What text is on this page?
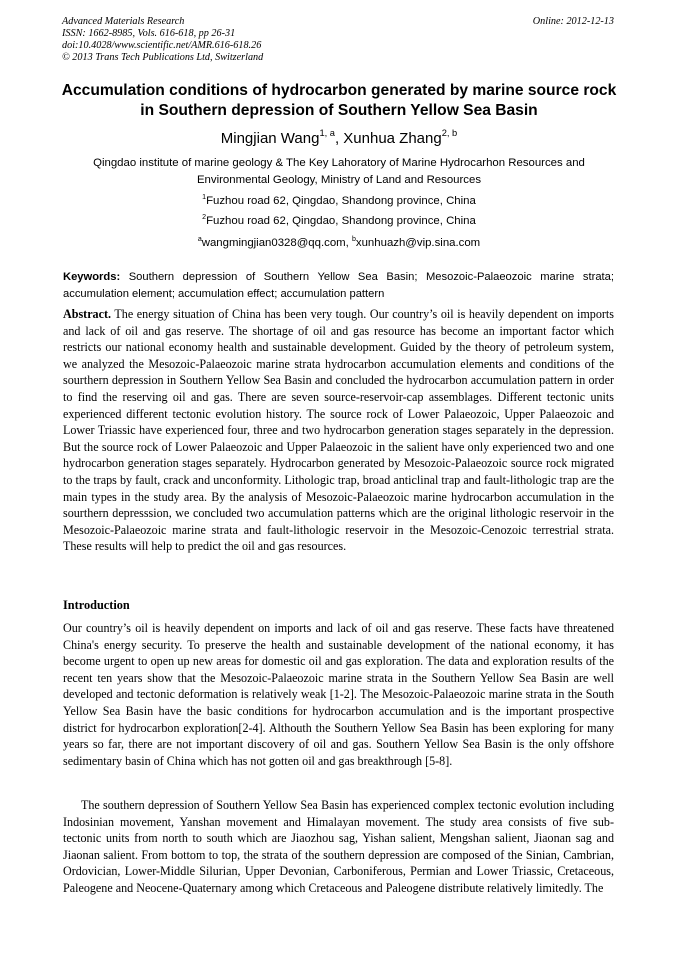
Advanced Materials Research
ISSN: 1662-8985, Vols. 616-618, pp 26-31
doi:10.4028/www.scientific.net/AMR.616-618.26
© 2013 Trans Tech Publications Ltd, Switzerland
Online: 2012-12-13
Accumulation conditions of hydrocarbon generated by marine source rock in Southern depression of Southern Yellow Sea Basin
Mingjian Wang$^{1, a}$, Xunhua Zhang$^{2, b}$
Qingdao institute of marine geology & The Key Lahoratory of Marine Hydrocarhon Resources and Environmental Geology, Ministry of Land and Resources
$^1$Fuzhou road 62, Qingdao, Shandong province, China
$^2$Fuzhou road 62, Qingdao, Shandong province, China
$^a$wangmingjian0328@qq.com, $^b$xunhuazh@vip.sina.com
Keywords: Southern depression of Southern Yellow Sea Basin; Mesozoic-Palaeozoic marine strata; accumulation element; accumulation effect; accumulation pattern
Abstract. The energy situation of China has been very tough. Our country’s oil is heavily dependent on imports and lack of oil and gas reserve. The shortage of oil and gas resource has become an important factor which restricts our national economy health and sustainable development. Guided by the theory of petroleum system, we analyzed the Mesozoic-Palaeozoic marine strata hydrocarbon accumulation elements and conditions of the sourthern depression in Southern Yellow Sea Basin and concluded the hydrocarbon accumulation pattern in order to find the reserving oil and gas. There are seven source-reservoir-cap assemblages. Different tectonic units experienced different tectonic evolution history. The source rock of Lower Palaeozoic, Upper Palaeozoic and Lower Triassic have experienced four, three and two hydrocarbon generation stages separately in the depression. But the source rock of Lower Palaeozoic and Upper Palaeozoic in the salient have only experienced two and one hydrocarbon generation stages separately. Hydrocarbon generated by Mesozoic-Palaeozoic source rock migrated to the traps by fault, crack and unconformity. Lithologic trap, broad anticlinal trap and fault-lithologic trap are the main types in the study area. By the analysis of Mesozoic-Palaeozoic marine hydrocarbon accumulation in the sourthern depresssion, we concluded two accumulation patterns which are the original lithologic reservoir in the Mesozoic-Palaeozoic marine strata and fault-lithologic reservoir in the Mesozoic-Cenozoic terrestrial strata. These results will help to predict the oil and gas resources.
Introduction
Our country’s oil is heavily dependent on imports and lack of oil and gas reserve. These facts have threatened China's energy security. To preserve the health and sustainable development of the national economy, it has become urgent to open up new areas for domestic oil and gas exploration. The data and exploration results of the recent ten years show that the Mesozoic-Palaeozoic marine strata in the Southern Yellow Sea Basin are well developed and tectonic deformation is relatively weak [1-2]. The Mesozoic-Palaeozoic marine strata in the South Yellow Sea Basin have the basic conditions for hydrocarbon accumulation and is the important prospective district for hydrocarbon exploration[2-4]. Althouth the Southern Yellow Sea Basin has been exploring for many years so far, there are not important discovery of oil and gas. Southern Yellow Sea Basin is the only offshore sedimentary basin of China which has not gotten oil and gas breakthrough [5-8].
The southern depression of Southern Yellow Sea Basin has experienced complex tectonic evolution including Indosinian movement, Yanshan movement and Himalayan movement. The study area consists of five sub-tectonic units from north to south which are Jiaozhou sag, Yishan salient, Mengshan salient, Jiaonan sag and Jiaonan salient. From bottom to top, the strata of the southern depression are composed of the Sinian, Cambrian, Ordovician, Lower-Middle Silurian, Upper Devonian, Carboniferous, Permian and Lower Triassic, Cretaceous, Paleogene and Neocene-Quaternary among which Cretaceous and Paleogene distribute relatively limitedly. The
